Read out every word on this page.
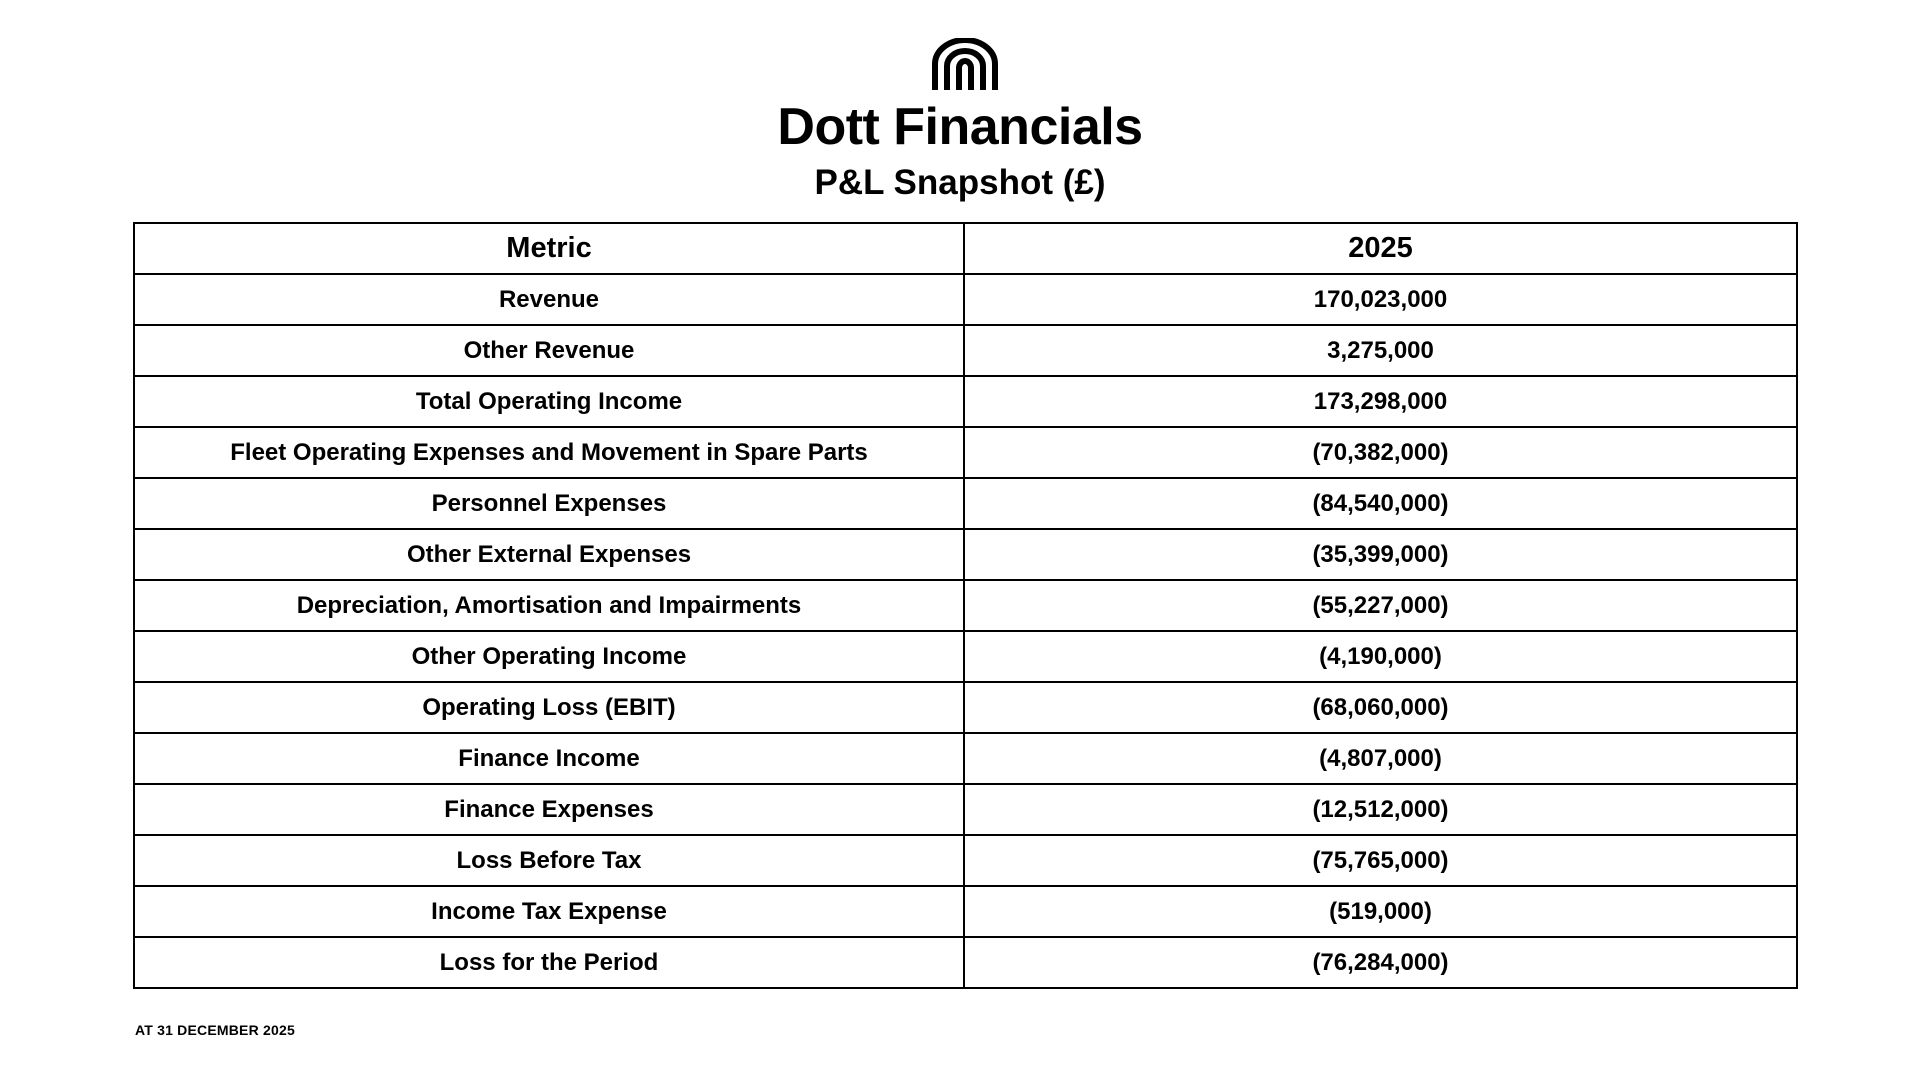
Dott Financials
P&L Snapshot (£)
Metric	2025
Revenue	170,023,000
Other Revenue	3,275,000
Total Operating Income	173,298,000
Fleet Operating Expenses and Movement in Spare Parts	(70,382,000)
Personnel Expenses	(84,540,000)
Other External Expenses	(35,399,000)
Depreciation, Amortisation and Impairments	(55,227,000)
Other Operating Income	(4,190,000)
Operating Loss (EBIT)	(68,060,000)
Finance Income	(4,807,000)
Finance Expenses	(12,512,000)
Loss Before Tax	(75,765,000)
Income Tax Expense	(519,000)
Loss for the Period	(76,284,000)
AT 31 DECEMBER 2025
